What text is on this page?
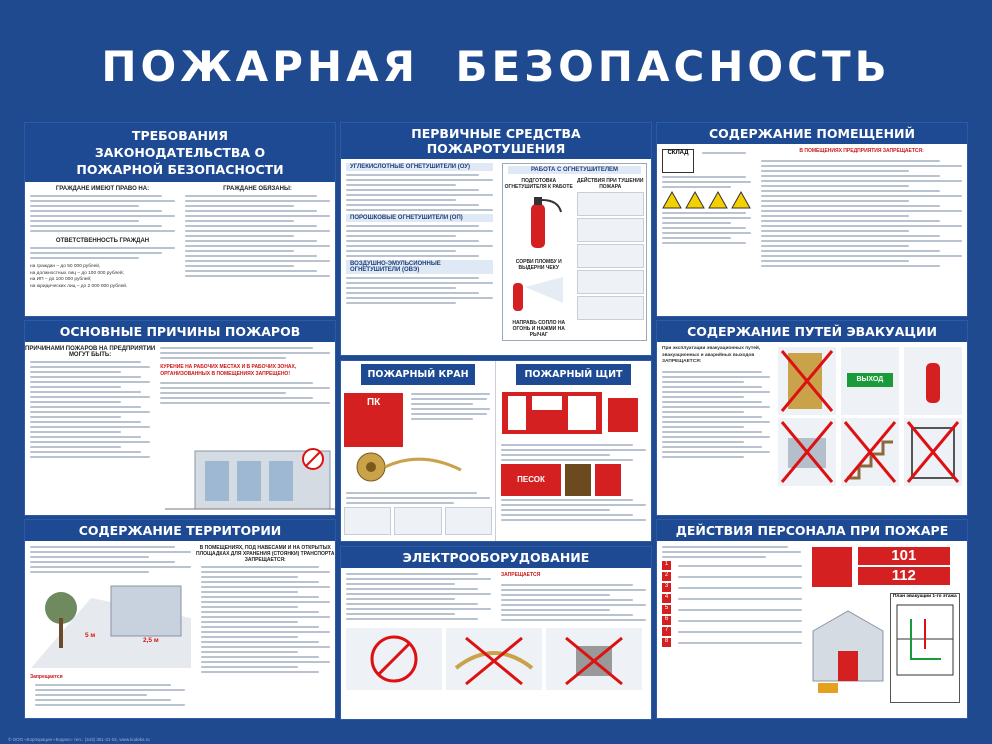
ПОЖАРНАЯ БЕЗОПАСНОСТЬ
ТРЕБОВАНИЯ ЗАКОНОДАТЕЛЬСТВА О ПОЖАРНОЙ БЕЗОПАСНОСТИ
ГРАЖДАНЕ ИМЕЮТ ПРАВО НА:
ОТВЕТСТВЕННОСТЬ ГРАЖДАН
на граждан – до 50 000 рублей,
на должностных лиц – до 100 000 рублей;
на ИП – до 100 000 рублей;
на юридических лиц – до 2 000 000 рублей.
ГРАЖДАНЕ ОБЯЗАНЫ:
ОСНОВНЫЕ ПРИЧИНЫ ПОЖАРОВ
ПРИЧИНАМИ ПОЖАРОВ НА ПРЕДПРИЯТИИ МОГУТ БЫТЬ:
КУРЕНИЕ НА РАБОЧИХ МЕСТАХ И В РАБОЧИХ ЗОНАХ, ОРГАНИЗОВАННЫХ В ПОМЕЩЕНИЯХ ЗАПРЕЩЕНО!
СОДЕРЖАНИЕ ТЕРРИТОРИИ
В ПОМЕЩЕНИЯХ, ПОД НАВЕСАМИ И НА ОТКРЫТЫХ ПЛОЩАДКАХ ДЛЯ ХРАНЕНИЯ (СТОЯНКИ) ТРАНСПОРТА ЗАПРЕЩАЕТСЯ:
5 м
2,5 м
Запрещается
ПЕРВИЧНЫЕ СРЕДСТВА ПОЖАРОТУШЕНИЯ
УГЛЕКИСЛОТНЫЕ ОГНЕТУШИТЕЛИ (ОУ)
ПОРОШКОВЫЕ ОГНЕТУШИТЕЛИ (ОП)
ВОЗДУШНО-ЭМУЛЬСИОННЫЕ ОГНЕТУШИТЕЛИ (ОВЭ)
РАБОТА С ОГНЕТУШИТЕЛЕМ
ПОДГОТОВКА ОГНЕТУШИТЕЛЯ К РАБОТЕ
СОРВИ ПЛОМБУ И ВЫДЕРНИ ЧЕКУ
НАПРАВЬ СОПЛО НА ОГОНЬ И НАЖМИ НА РЫЧАГ
ДЕЙСТВИЯ ПРИ ТУШЕНИИ ПОЖАРА
ПОЖАРНЫЙ КРАН
ПК
ПОЖАРНЫЙ ЩИТ
ПЕСОК
ЭЛЕКТРООБОРУДОВАНИЕ
ЗАПРЕЩАЕТСЯ
СОДЕРЖАНИЕ ПОМЕЩЕНИЙ
СКЛАД	В ПОМЕЩЕНИЯХ ПРЕДПРИЯТИЯ ЗАПРЕЩАЕТСЯ:
СОДЕРЖАНИЕ ПУТЕЙ ЭВАКУАЦИИ
При эксплуатации эвакуационных путей, эвакуационных и аварийных выходов ЗАПРЕЩАЕТСЯ:
ВЫХОД
ДЕЙСТВИЯ ПЕРСОНАЛА ПРИ ПОЖАРЕ
1
2
3
4
5
6
7
8
101
112
План эвакуации 1-го этажа
© ООО «Корпорация «Кодекс» тел.: (343) 351-31-02, www.kodeks.ru
